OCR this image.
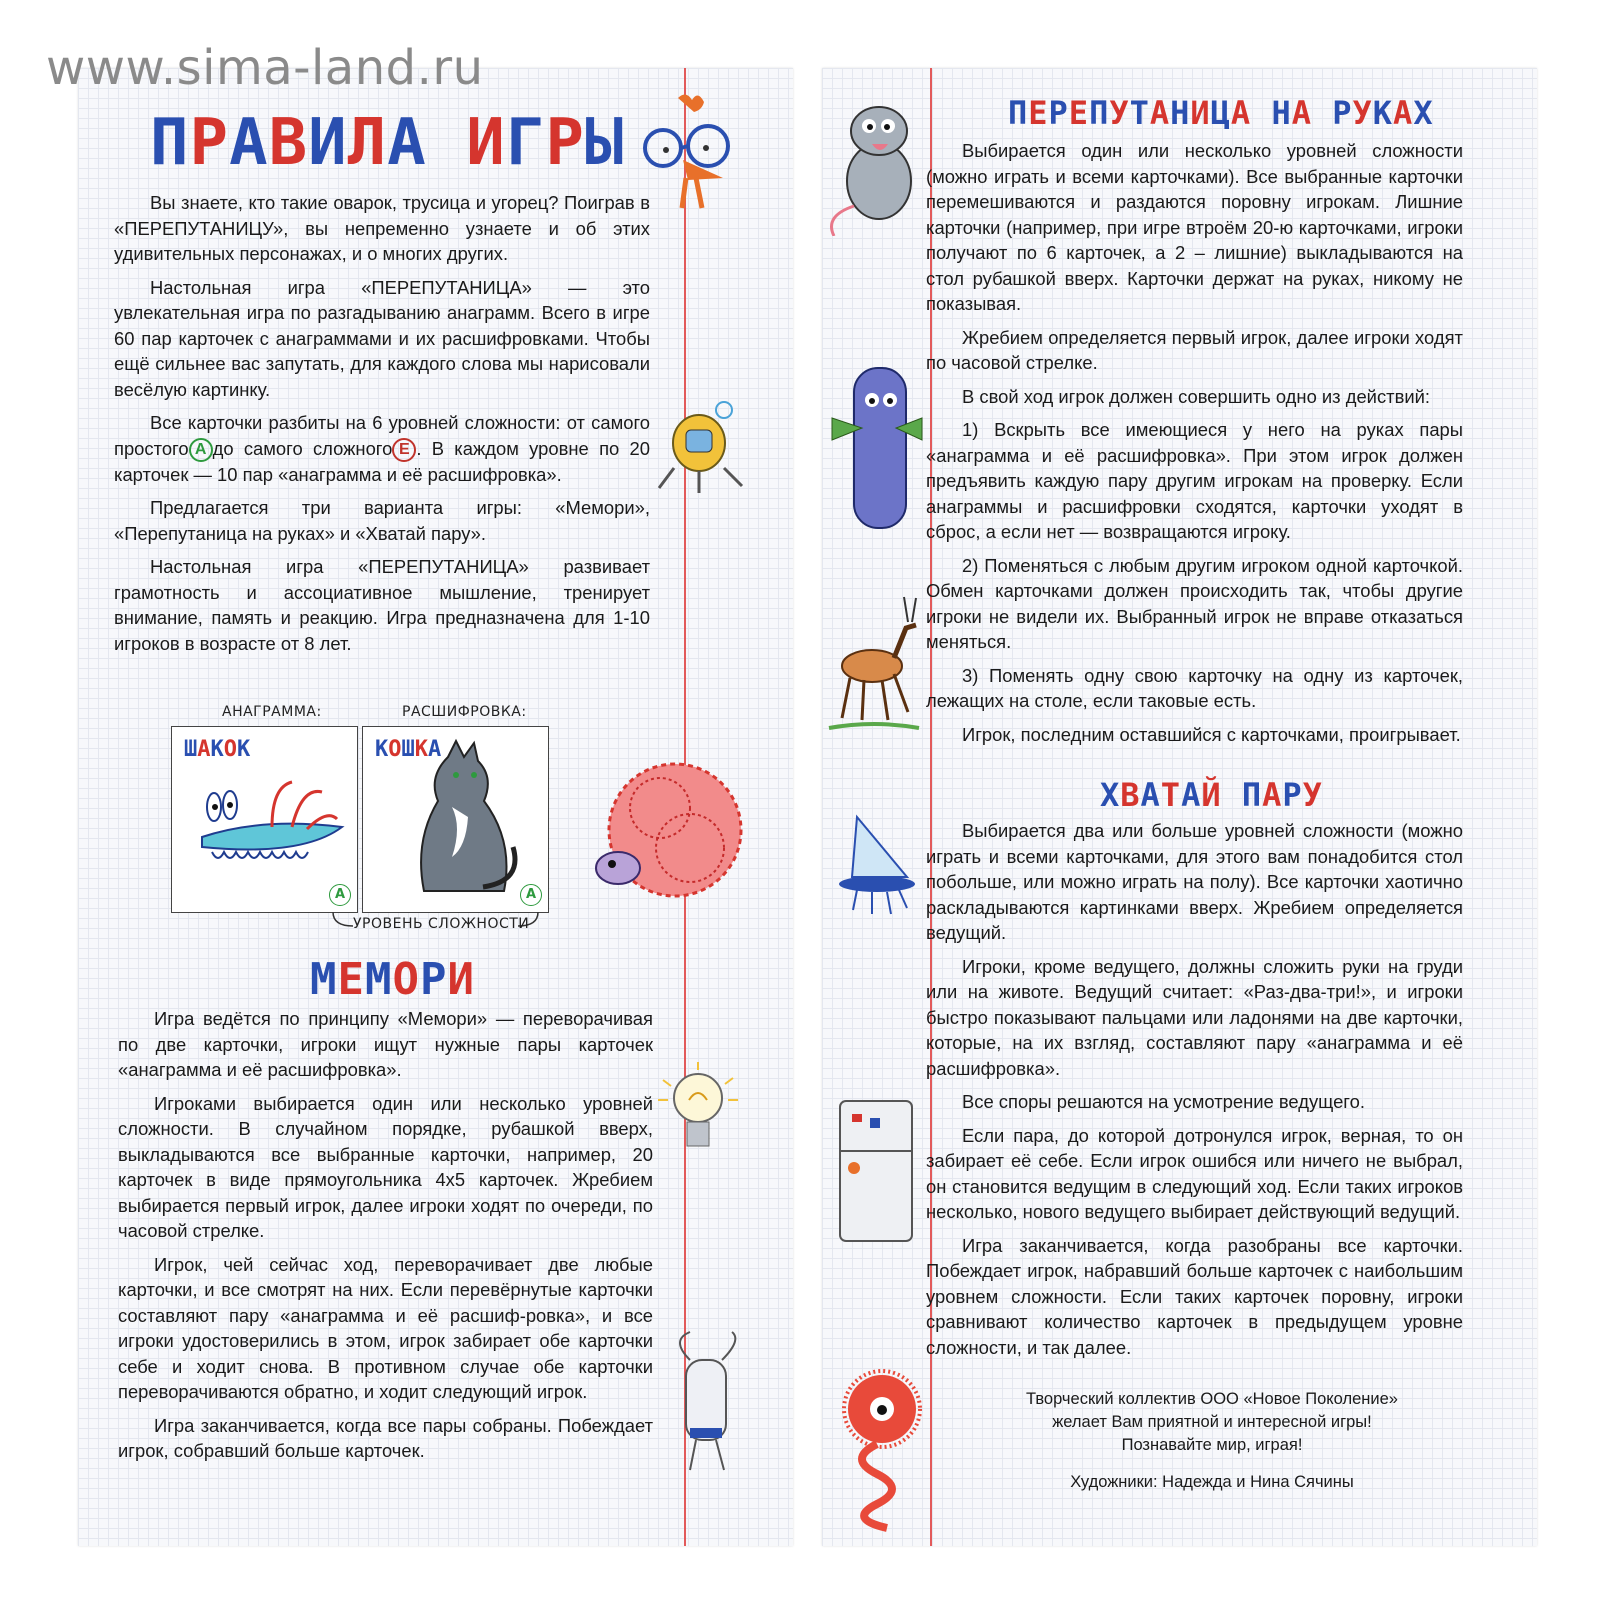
www.sima-land.ru
ПРАВИЛА ИГРЫ

Вы знаете, кто такие оварок, трусица и угорец? Поиграв в «ПЕРЕПУТАНИЦУ», вы непременно узнаете и об этих удивительных персонажах, и о многих других.

Настольная игра «ПЕРЕПУТАНИЦА» — это увлекательная игра по разгадыванию анаграмм. Всего в игре 60 пар карточек с анаграммами и их расшифровками. Чтобы ещё сильнее вас запутать, для каждого слова мы нарисовали весёлую картинку.

Все карточки разбиты на 6 уровней сложности: от самого простого А до самого сложного Е . В каждом уровне по 20 карточек — 10 пар «анаграмма и её расшифровка».

Предлагается три варианта игры: «Мемори», «Перепутаница на руках» и «Хватай пару».

Настольная игра «ПЕРЕПУТАНИЦА» развивает грамотность и ассоциативное мышление, тренирует внимание, память и реакцию. Игра предназначена для 1-10 игроков в возрасте от 8 лет.

АНАГРАММА:	РАСШИФРОВКА:
ШАКОК
А
КОШКА
А
УРОВЕНЬ СЛОЖНОСТИ
МЕМОРИ

Игра ведётся по принципу «Мемори» — переворачивая по две карточки, игроки ищут нужные пары карточек «анаграмма и её расшифровка».

Игроками выбирается один или несколько уровней сложности. В случайном порядке, рубашкой вверх, выкладываются все выбранные карточки, например, 20 карточек в виде прямоугольника 4х5 карточек. Жребием выбирается первый игрок, далее игроки ходят по очереди, по часовой стрелке.

Игрок, чей сейчас ход, переворачивает две любые карточки, и все смотрят на них. Если перевёрнутые карточки составляют пару «анаграмма и её расшиф-ровка», и все игроки удостоверились в этом, игрок забирает обе карточки себе и ходит снова. В противном случае обе карточки переворачиваются обратно, и ходит следующий игрок.

Игра заканчивается, когда все пары собраны. Побеждает игрок, собравший больше карточек.

ПЕРЕПУТАНИЦА НА РУКАХ

Выбирается один или несколько уровней сложности (можно играть и всеми карточками). Все выбранные карточки перемешиваются и раздаются поровну игрокам. Лишние карточки (например, при игре втроём 20-ю карточками, игроки получают по 6 карточек, а 2 – лишние) выкладываются на стол рубашкой вверх. Карточки держат на руках, никому не показывая.

Жребием определяется первый игрок, далее игроки ходят по часовой стрелке.

В свой ход игрок должен совершить одно из действий:

1) Вскрыть все имеющиеся у него на руках пары «анаграмма и её расшифровка». При этом игрок должен предъявить каждую пару другим игрокам на проверку. Если анаграммы и расшифровки сходятся, карточки уходят в сброс, а если нет — возвращаются игроку.

2) Поменяться с любым другим игроком одной карточкой. Обмен карточками должен происходить так, чтобы другие игроки не видели их. Выбранный игрок не вправе отказаться меняться.

3) Поменять одну свою карточку на одну из карточек, лежащих на столе, если таковые есть.

Игрок, последним оставшийся с карточками, проигрывает.

ХВАТАЙ ПАРУ

Выбирается два или больше уровней сложности (можно играть и всеми карточками, для этого вам понадобится стол побольше, или можно играть на полу). Все карточки хаотично раскладываются картинками вверх. Жребием определяется ведущий.

Игроки, кроме ведущего, должны сложить руки на груди или на животе. Ведущий считает: «Раз-два-три!», и игроки быстро показывают пальцами или ладонями на две карточки, которые, на их взгляд, составляют пару «анаграмма и её расшифровка».

Все споры решаются на усмотрение ведущего.

Если пара, до которой дотронулся игрок, верная, то он забирает её себе. Если игрок ошибся или ничего не выбрал, он становится ведущим в следующий ход. Если таких игроков несколько, нового ведущего выбирает действующий ведущий.

Игра заканчивается, когда разобраны все карточки. Побеждает игрок, набравший больше карточек с наибольшим уровнем сложности. Если таких карточек поровну, игроки сравнивают количество карточек в предыдущем уровне сложности, и так далее.

Творческий коллектив ООО «Новое Поколение»
желает Вам приятной и интересной игры!
Познавайте мир, играя!
Художники: Надежда и Нина Сячины
